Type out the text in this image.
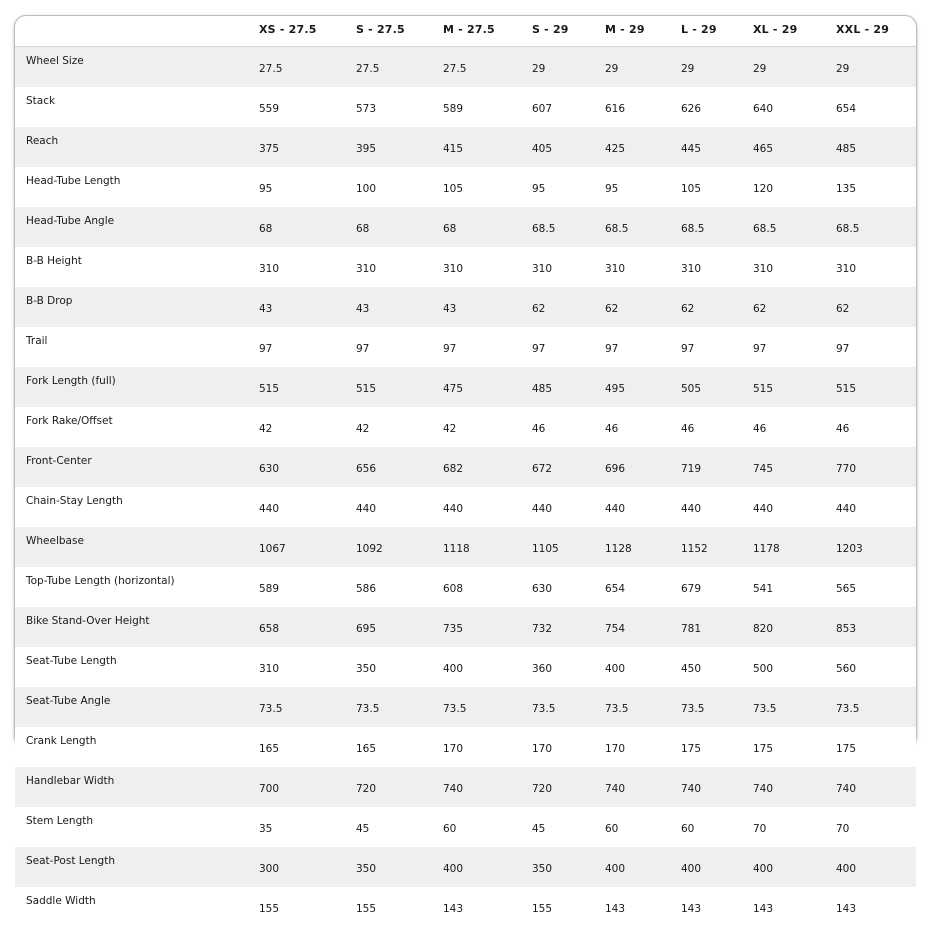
	XS - 27.5	S - 27.5	M - 27.5	S - 29	M - 29	L - 29	XL - 29	XXL - 29
Wheel Size	27.5	27.5	27.5	29	29	29	29	29
Stack	559	573	589	607	616	626	640	654
Reach	375	395	415	405	425	445	465	485
Head-Tube Length	95	100	105	95	95	105	120	135
Head-Tube Angle	68	68	68	68.5	68.5	68.5	68.5	68.5
B-B Height	310	310	310	310	310	310	310	310
B-B Drop	43	43	43	62	62	62	62	62
Trail	97	97	97	97	97	97	97	97
Fork Length (full)	515	515	475	485	495	505	515	515
Fork Rake/Offset	42	42	42	46	46	46	46	46
Front-Center	630	656	682	672	696	719	745	770
Chain-Stay Length	440	440	440	440	440	440	440	440
Wheelbase	1067	1092	1118	1105	1128	1152	1178	1203
Top-Tube Length (horizontal)	589	586	608	630	654	679	541	565
Bike Stand-Over Height	658	695	735	732	754	781	820	853
Seat-Tube Length	310	350	400	360	400	450	500	560
Seat-Tube Angle	73.5	73.5	73.5	73.5	73.5	73.5	73.5	73.5
Crank Length	165	165	170	170	170	175	175	175
Handlebar Width	700	720	740	720	740	740	740	740
Stem Length	35	45	60	45	60	60	70	70
Seat-Post Length	300	350	400	350	400	400	400	400
Saddle Width	155	155	143	155	143	143	143	143
